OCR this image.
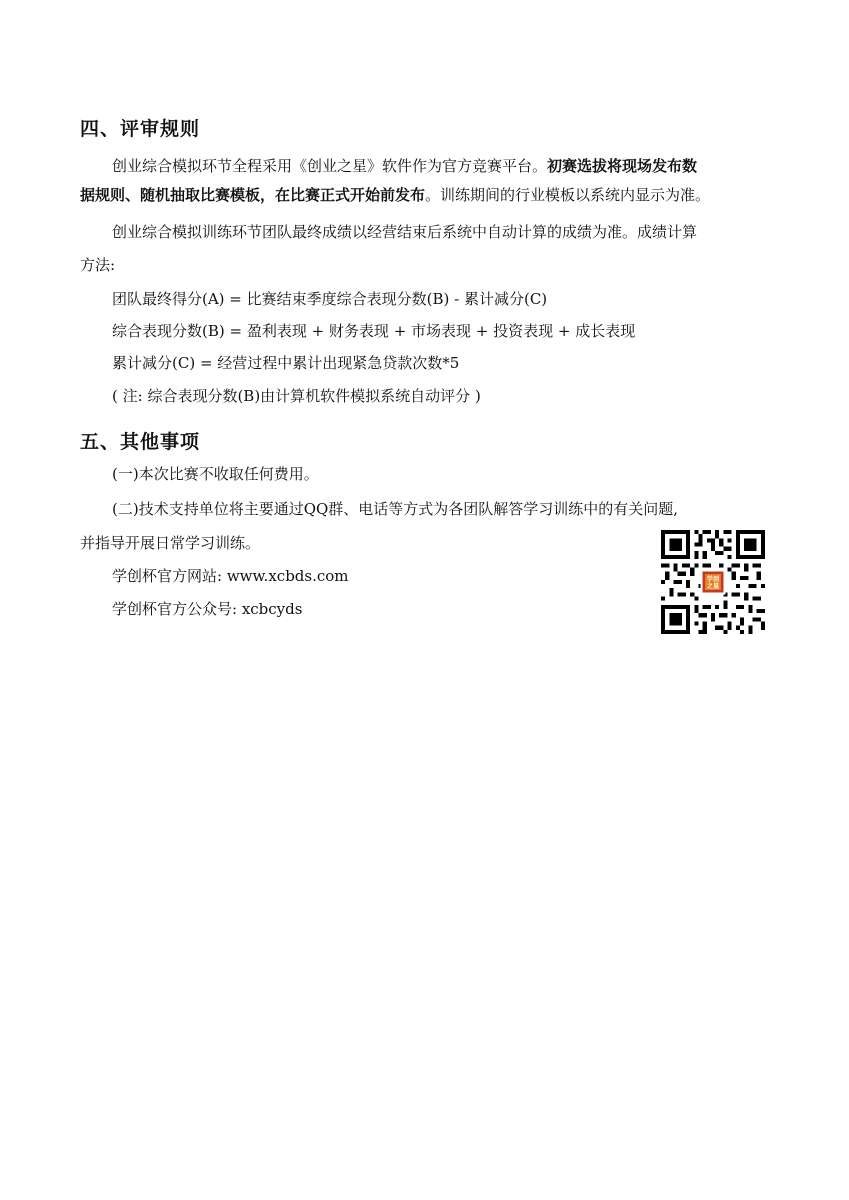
四、评审规则
创业综合模拟环节全程采用《创业之星》软件作为官方竞赛平台。初赛选拔将现场发布数
据规则、随机抽取比赛模板，在比赛正式开始前发布。训练期间的行业模板以系统内显示为准。
创业综合模拟训练环节团队最终成绩以经营结束后系统中自动计算的成绩为准。成绩计算
方法:
团队最终得分(A) = 比赛结束季度综合表现分数(B) - 累计减分(C)
综合表现分数(B) = 盈利表现 + 财务表现 + 市场表现 + 投资表现 + 成长表现
累计减分(C) = 经营过程中累计出现紧急贷款次数*5
( 注: 综合表现分数(B)由计算机软件模拟系统自动评分 )
五、其他事项
(一)本次比赛不收取任何费用。
(二)技术支持单位将主要通过QQ群、电话等方式为各团队解答学习训练中的有关问题,
并指导开展日常学习训练。
学创杯官方网站: www.xcbds.com
学创杯官方公众号: xcbcyds
学创
之星
